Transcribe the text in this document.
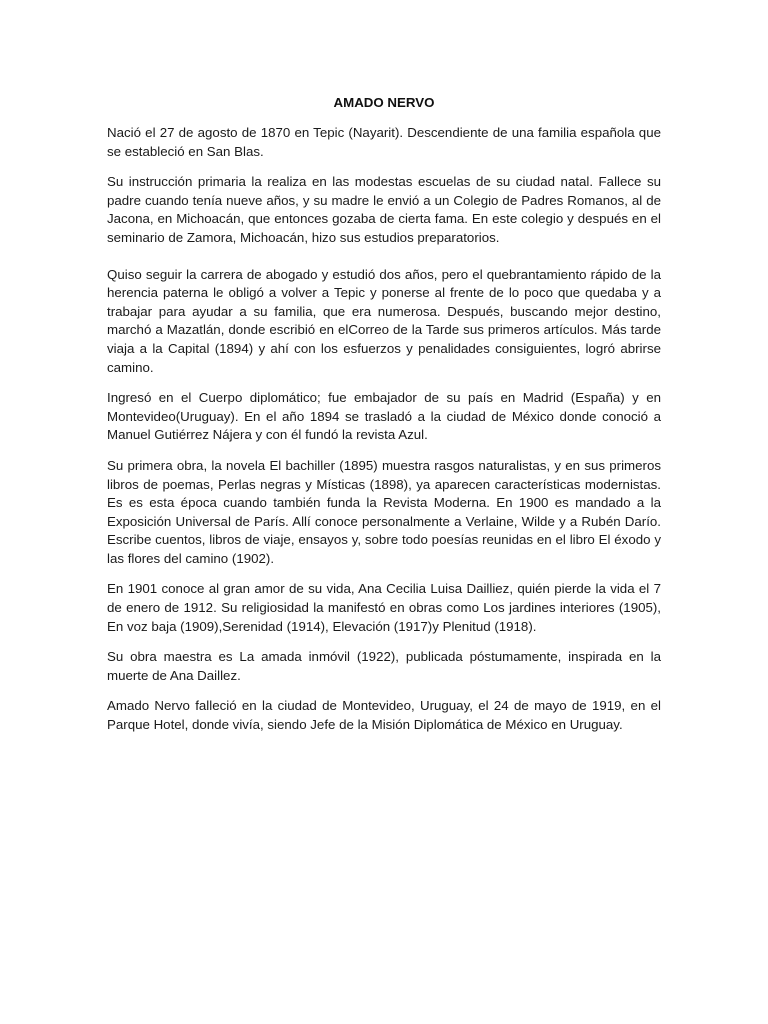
AMADO NERVO

Nació el 27 de agosto de 1870 en Tepic (Nayarit). Descendiente de una familia española que se estableció en San Blas.

Su instrucción primaria la realiza en las modestas escuelas de su ciudad natal. Fallece su padre cuando tenía nueve años, y su madre le envió a un Colegio de Padres Romanos, al de Jacona, en Michoacán, que entonces gozaba de cierta fama. En este colegio y después en el seminario de Zamora, Michoacán, hizo sus estudios preparatorios.

Quiso seguir la carrera de abogado y estudió dos años, pero el quebrantamiento rápido de la herencia paterna le obligó a volver a Tepic y ponerse al frente de lo poco que quedaba y a trabajar para ayudar a su familia, que era numerosa. Después, buscando mejor destino, marchó a Mazatlán, donde escribió en elCorreo de la Tarde sus primeros artículos. Más tarde viaja a la Capital (1894) y ahí con los esfuerzos y penalidades consiguientes, logró abrirse camino.

Ingresó en el Cuerpo diplomático; fue embajador de su país en Madrid (España) y en Montevideo(Uruguay). En el año 1894 se trasladó a la ciudad de México donde conoció a Manuel Gutiérrez Nájera y con él fundó la revista Azul.

Su primera obra, la novela El bachiller (1895) muestra rasgos naturalistas, y en sus primeros libros de poemas, Perlas negras y Místicas (1898), ya aparecen características modernistas. Es es esta época cuando también funda la Revista Moderna. En 1900 es mandado a la Exposición Universal de París. Allí conoce personalmente a Verlaine, Wilde y a Rubén Darío. Escribe cuentos, libros de viaje, ensayos y, sobre todo poesías reunidas en el libro El éxodo y las flores del camino (1902).

En 1901 conoce al gran amor de su vida, Ana Cecilia Luisa Dailliez, quién pierde la vida el 7 de enero de 1912. Su religiosidad la manifestó en obras como Los jardines interiores (1905), En voz baja (1909),Serenidad (1914), Elevación (1917)y Plenitud (1918).

Su obra maestra es La amada inmóvil (1922), publicada póstumamente, inspirada en la muerte de Ana Daillez.

Amado Nervo falleció en la ciudad de Montevideo, Uruguay, el 24 de mayo de 1919, en el Parque Hotel, donde vivía, siendo Jefe de la Misión Diplomática de México en Uruguay.
